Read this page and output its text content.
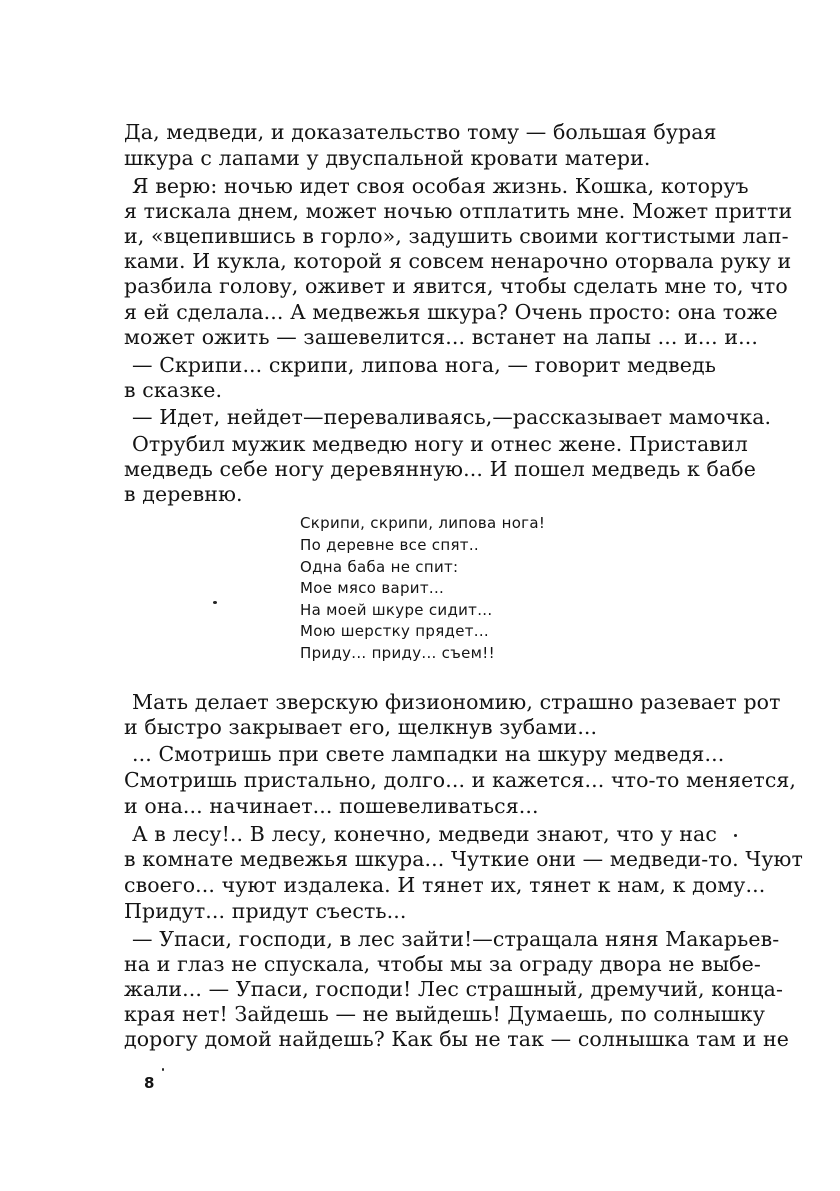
Да, медведи, и доказательство тому — большая бурая
шкура с лапами у двуспальной кровати матери.
Я верю: ночью идет своя особая жизнь. Кошка, которуъ
я тискала днем, может ночью отплатить мне. Может притти
и, «вцепившись в горло», задушить своими когтистыми лап-
ками. И кукла, которой я совсем ненарочно оторвала руку и
разбила голову, оживет и явится, чтобы сделать мне то, что
я ей сделала... А медвежья шкура? Очень просто: она тоже
может ожить — зашевелится... встанет на лапы ... и... и...
— Скрипи... скрипи, липова нога, — говорит медведь
в сказке.
— Идет, нейдет—переваливаясь,—рассказывает мамочка.
Отрубил мужик медведю ногу и отнес жене. Приставил
медведь себе ногу деревянную... И пошел медведь к бабе
в деревню.
Скрипи, скрипи, липова нога!
По деревне все спят..
Одна баба не спит:
Мое мясо варит...
На моей шкуре сидит...
Мою шерстку прядет...
Приду... приду... съем!!
Мать делает зверскую физиономию, страшно разевает рот
и быстро закрывает его, щелкнув зубами...
... Смотришь при свете лампадки на шкуру медведя...
Смотришь пристально, долго... и кажется... что-то меняется,
и она... начинает... пошевеливаться...
А в лесу!.. В лесу, конечно, медведи знают, что у нас
в комнате медвежья шкура... Чуткие они — медведи-то. Чуют
своего... чуют издалека. И тянет их, тянет к нам, к дому...
Придут... придут съесть...
— Упаси, господи, в лес зайти!—стращала няня Макарьев-
на и глаз не спускала, чтобы мы за ограду двора не выбе-
жали... — Упаси, господи! Лес страшный, дремучий, конца-
края нет! Зайдешь — не выйдешь! Думаешь, по солнышку
дорогу домой найдешь? Как бы не так — солнышка там и не
8
